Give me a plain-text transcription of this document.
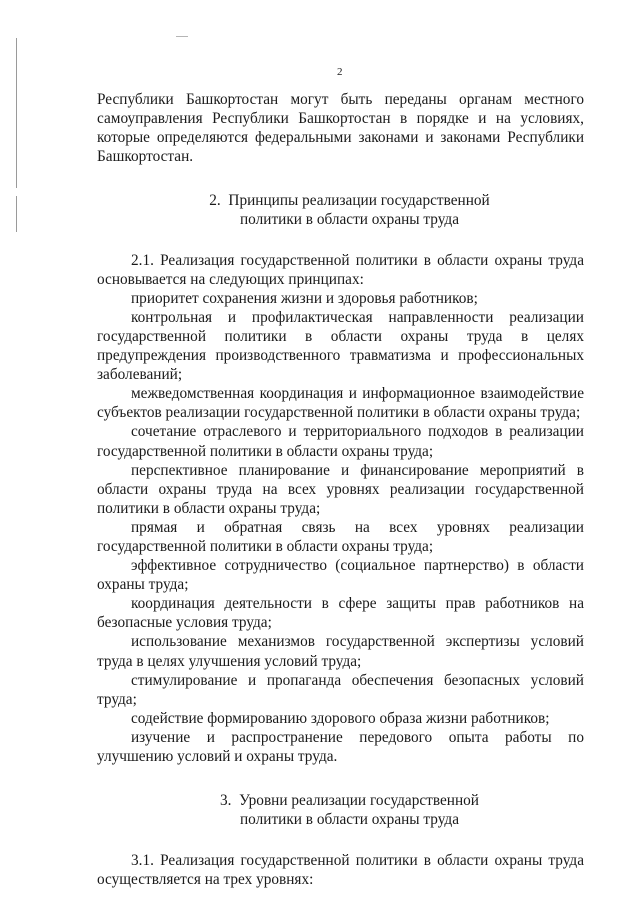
2

Республики Башкортостан могут быть переданы органам местного самоуправления Республики Башкортостан в порядке и на условиях, которые определяются федеральными законами и законами Республики Башкортостан.

2. Принципы реализации государственной
политики в области охраны труда

2.1. Реализация государственной политики в области охраны труда основывается на следующих принципах:

приоритет сохранения жизни и здоровья работников;

контрольная и профилактическая направленности реализации государственной политики в области охраны труда в целях предупреждения производственного травматизма и профессиональных заболеваний;

межведомственная координация и информационное взаимодействие субъектов реализации государственной политики в области охраны труда;

сочетание отраслевого и территориального подходов в реализации государственной политики в области охраны труда;

перспективное планирование и финансирование мероприятий в области охраны труда на всех уровнях реализации государственной политики в области охраны труда;

прямая и обратная связь на всех уровнях реализации государственной политики в области охраны труда;

эффективное сотрудничество (социальное партнерство) в области охраны труда;

координация деятельности в сфере защиты прав работников на безопасные условия труда;

использование механизмов государственной экспертизы условий труда в целях улучшения условий труда;

стимулирование и пропаганда обеспечения безопасных условий труда;

содействие формированию здорового образа жизни работников;

изучение и распространение передового опыта работы по улучшению условий и охраны труда.

3. Уровни реализации государственной
политики в области охраны труда

3.1. Реализация государственной политики в области охраны труда осуществляется на трех уровнях:
